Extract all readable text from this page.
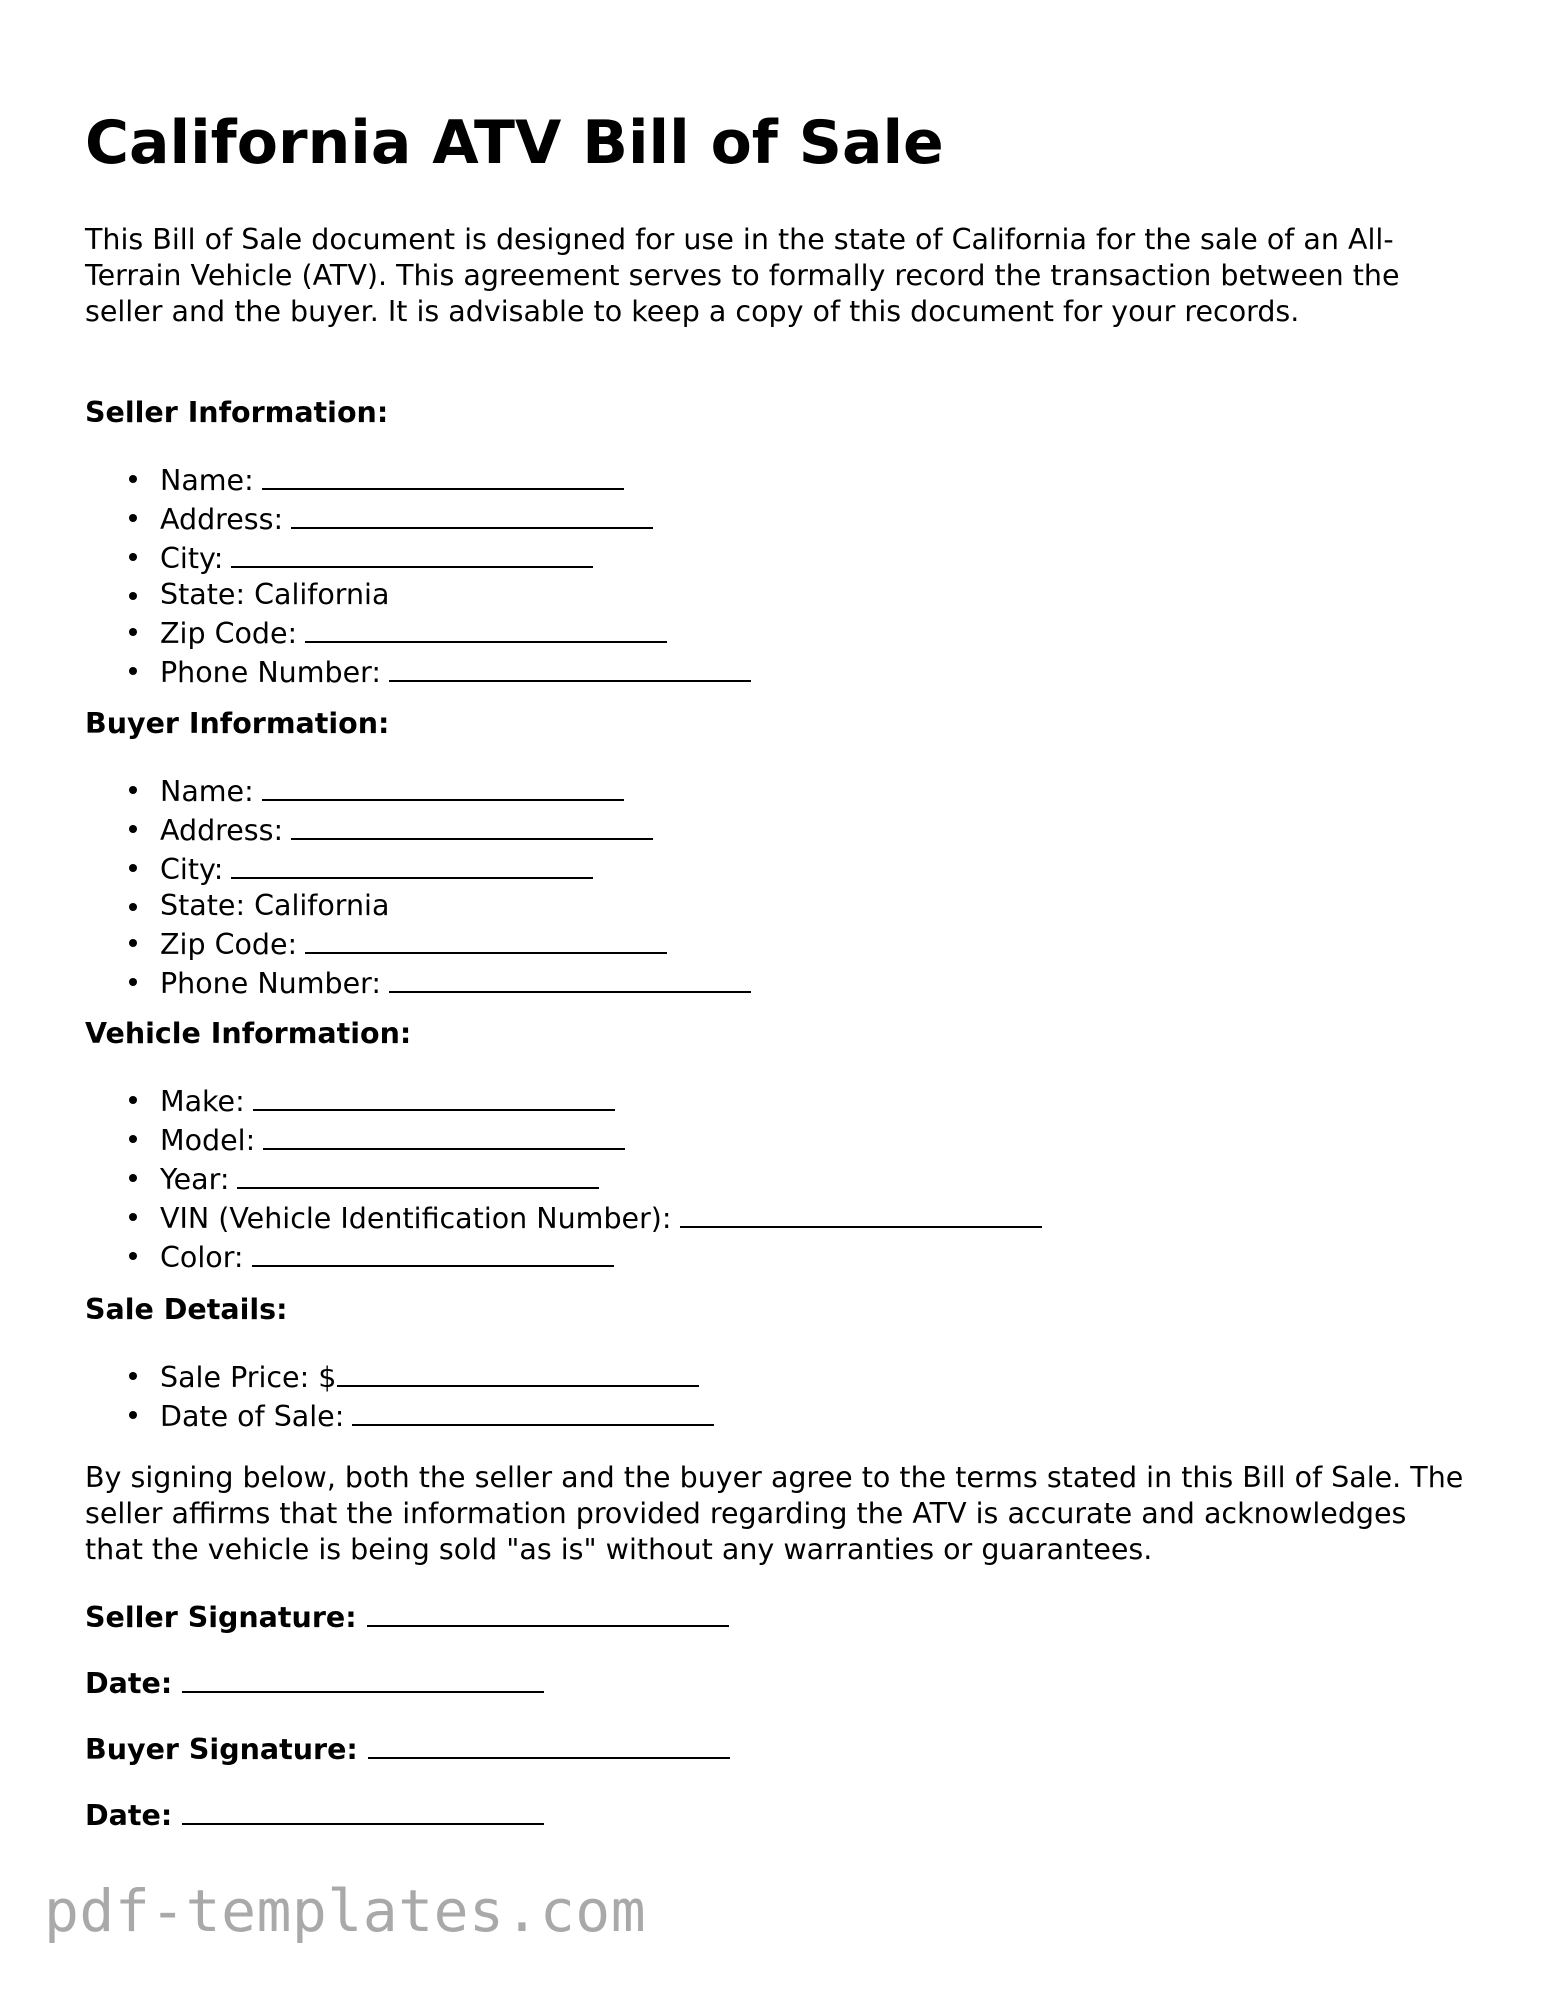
California ATV Bill of Sale

This Bill of Sale document is designed for use in the state of California for the sale of an All-Terrain Vehicle (ATV). This agreement serves to formally record the transaction between the seller and the buyer. It is advisable to keep a copy of this document for your records.

Seller Information:
Name:
Address:
City:
State: California
Zip Code:
Phone Number:
Buyer Information:
Name:
Address:
City:
State: California
Zip Code:
Phone Number:
Vehicle Information:
Make:
Model:
Year:
VIN (Vehicle Identification Number):
Color:
Sale Details:
Sale Price: $
Date of Sale:

By signing below, both the seller and the buyer agree to the terms stated in this Bill of Sale. The seller affirms that the information provided regarding the ATV is accurate and acknowledges that the vehicle is being sold "as is" without any warranties or guarantees.

Seller Signature:
Date:
Buyer Signature:
Date:
pdf-templates.com
